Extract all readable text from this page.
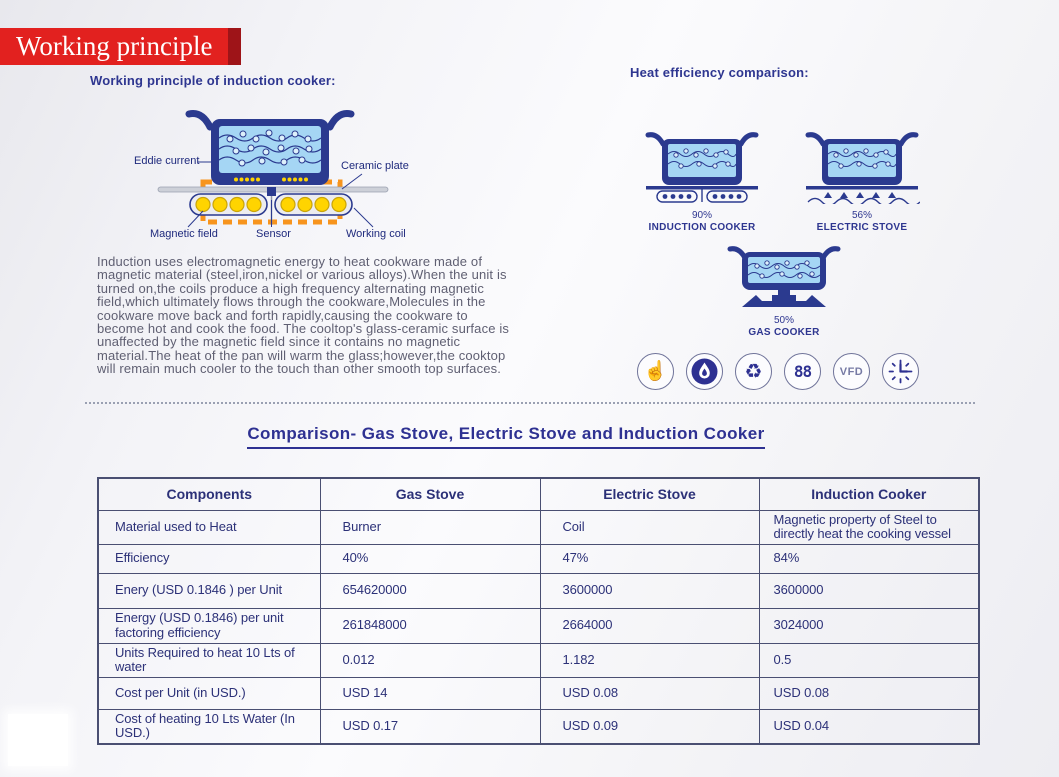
Working principle
Working principle of induction cooker:
Eddie current	Ceramic plate
Magnetic field	Sensor	Working coil
Induction uses electromagnetic energy to heat cookware made of magnetic material (steel,iron,nickel or various alloys).When the unit is turned on,the coils produce a high frequency alternating magnetic field,which ultimately flows through the cookware,Molecules in the cookware move back and forth rapidly,causing the cookware to become hot and cook the food. The cooltop's glass-ceramic surface is unaffected by the magnetic field since it contains no magnetic material.The heat of the pan will warm the glass;however,the cooktop will remain much cooler to the touch than other smooth top surfaces.
Heat efficiency comparison:
90%
INDUCTION COOKER
56%
ELECTRIC STOVE
50%
GAS COOKER
☝	♻ 88	VFD
Comparison- Gas Stove, Electric Stove and Induction Cooker
Components	Gas Stove	Electric Stove	Induction Cooker
Material used to Heat	Burner	Coil	Magnetic property of Steel to directly heat the cooking vessel
Efficiency	40%	47%	84%
Enery (USD 0.1846 ) per Unit	654620000	3600000	3600000
Energy (USD 0.1846) per unit factoring efficiency	261848000	2664000	3024000
Units Required to heat 10 Lts of water	0.012	1.182	0.5
Cost per Unit (in USD.)	USD 14	USD 0.08	USD 0.08
Cost of heating 10 Lts Water (In USD.)	USD 0.17	USD 0.09	USD 0.04
